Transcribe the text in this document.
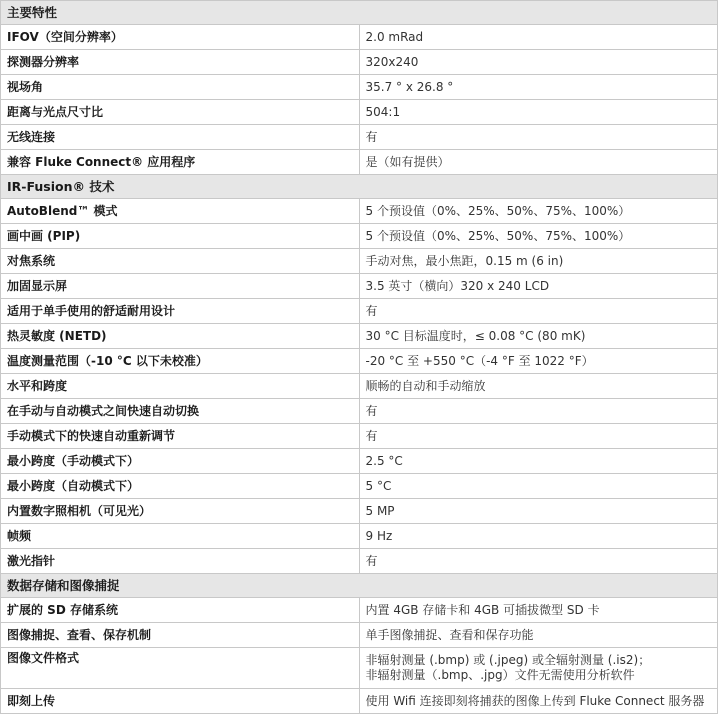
主要特性	
IFOV（空间分辨率）	2.0 mRad
探测器分辨率	320x240
视场角	35.7 ° x 26.8 °
距离与光点尺寸比	504:1
无线连接	有
兼容 Fluke Connect® 应用程序	是（如有提供）
IR-Fusion® 技术	
AutoBlend™ 模式	5 个预设值（0%、25%、50%、75%、100%）
画中画 (PIP)	5 个预设值（0%、25%、50%、75%、100%）
对焦系统	手动对焦，最小焦距，0.15 m (6 in)
加固显示屏	3.5 英寸（横向）320 x 240 LCD
适用于单手使用的舒适耐用设计	有
热灵敏度 (NETD)	30 °C 目标温度时，≤ 0.08 °C (80 mK)
温度测量范围（-10 °C 以下未校准）	-20 °C 至 +550 °C（-4 °F 至 1022 °F）
水平和跨度	顺畅的自动和手动缩放
在手动与自动模式之间快速自动切换	有
手动模式下的快速自动重新调节	有
最小跨度（手动模式下）	2.5 °C
最小跨度（自动模式下）	5 °C
内置数字照相机（可见光）	5 MP
帧频	9 Hz
激光指针	有
数据存储和图像捕捉	
扩展的 SD 存储系统	内置 4GB 存储卡和 4GB 可插拔微型 SD 卡
图像捕捉、查看、保存机制	单手图像捕捉、查看和保存功能
图像文件格式	非辐射测量 (.bmp) 或 (.jpeg) 或全辐射测量 (.is2)；
非辐射测量（.bmp、.jpg）文件无需使用分析软件

即刻上传	使用 Wifi 连接即刻将捕获的图像上传到 Fluke Connect 服务器
